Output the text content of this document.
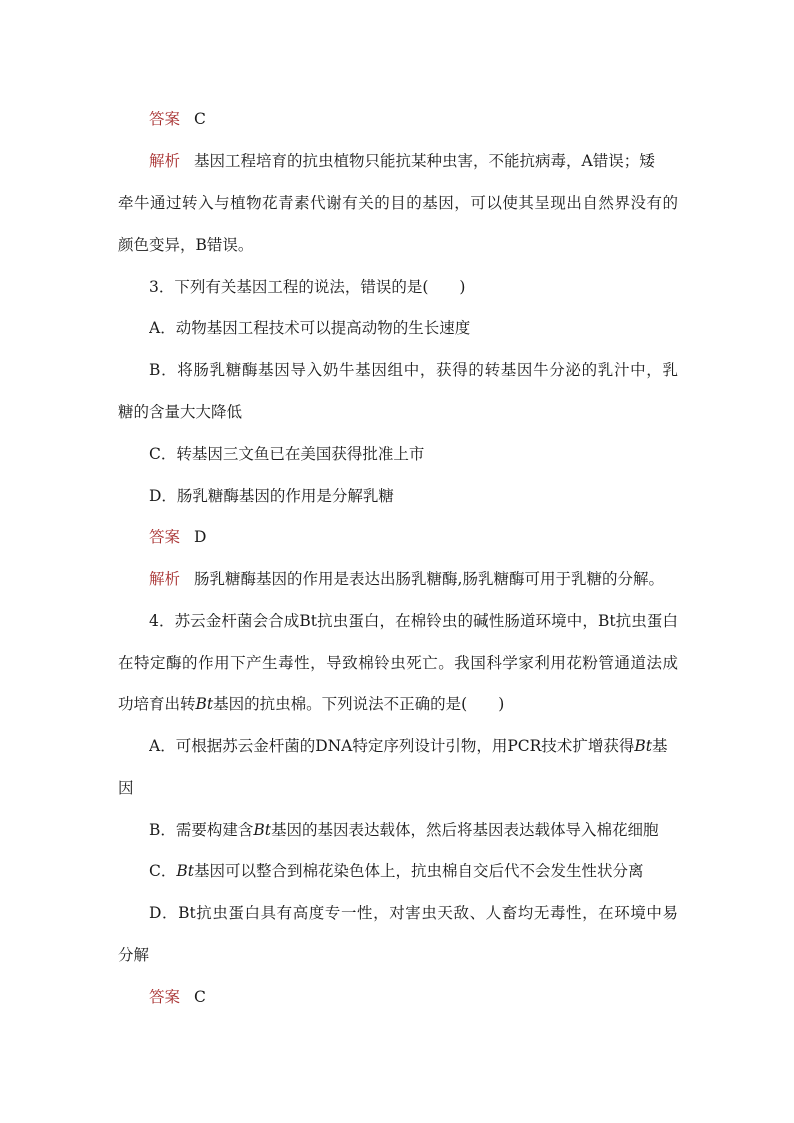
答案 C
解析 基因工程培育的抗虫植物只能抗某种虫害，不能抗病毒，A错误；矮
牵牛通过转入与植物花青素代谢有关的目的基因，可以使其呈现出自然界没有的
颜色变异，B错误。
3．下列有关基因工程的说法，错误的是(　　)
A．动物基因工程技术可以提高动物的生长速度
B．将肠乳糖酶基因导入奶牛基因组中，获得的转基因牛分泌的乳汁中，乳
糖的含量大大降低
C．转基因三文鱼已在美国获得批准上市
D．肠乳糖酶基因的作用是分解乳糖
答案 D
解析 肠乳糖酶基因的作用是表达出肠乳糖酶,肠乳糖酶可用于乳糖的分解。
4．苏云金杆菌会合成Bt抗虫蛋白，在棉铃虫的碱性肠道环境中，Bt抗虫蛋白
在特定酶的作用下产生毒性，导致棉铃虫死亡。我国科学家利用花粉管通道法成
功培育出转Bt基因的抗虫棉。下列说法不正确的是(　　)
A．可根据苏云金杆菌的DNA特定序列设计引物，用PCR技术扩增获得Bt基
因
B．需要构建含Bt基因的基因表达载体，然后将基因表达载体导入棉花细胞
C．Bt基因可以整合到棉花染色体上，抗虫棉自交后代不会发生性状分离
D．Bt抗虫蛋白具有高度专一性，对害虫天敌、人畜均无毒性，在环境中易
分解
答案 C
